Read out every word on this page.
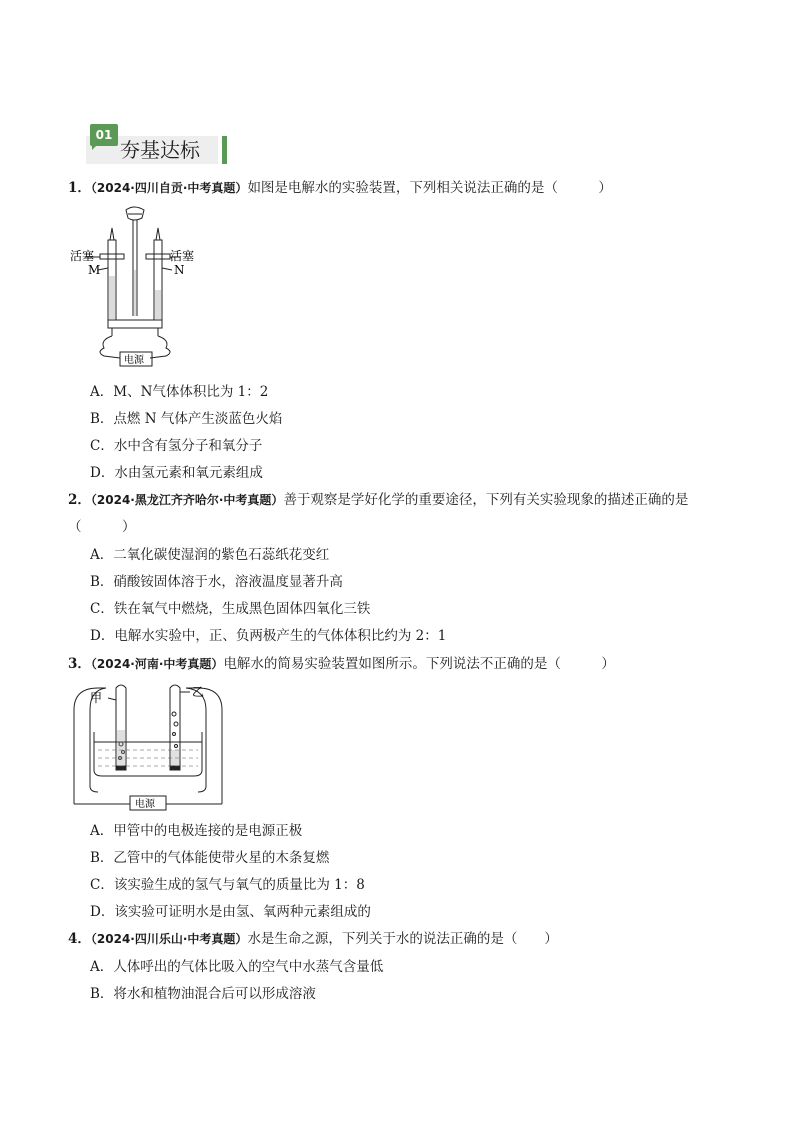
01
夯基达标
1．（2024·四川自贡·中考真题）如图是电解水的实验装置，下列相关说法正确的是（　　　）
活塞	活塞
M	N
电源
A．M、N气体体积比为 1：2
B．点燃 N 气体产生淡蓝色火焰
C．水中含有氢分子和氧分子
D．水由氢元素和氧元素组成
2．（2024·黑龙江齐齐哈尔·中考真题）善于观察是学好化学的重要途径，下列有关实验现象的描述正确的是
（　　　）
A．二氧化碳使湿润的紫色石蕊纸花变红
B．硝酸铵固体溶于水，溶液温度显著升高
C．铁在氧气中燃烧，生成黑色固体四氧化三铁
D．电解水实验中，正、负两极产生的气体体积比约为 2：1
3．（2024·河南·中考真题）电解水的简易实验装置如图所示。下列说法不正确的是（　　　）
甲	乙
电源
A．甲管中的电极连接的是电源正极
B．乙管中的气体能使带火星的木条复燃
C．该实验生成的氢气与氧气的质量比为 1：8
D．该实验可证明水是由氢、氧两种元素组成的
4．（2024·四川乐山·中考真题）水是生命之源，下列关于水的说法正确的是（　　）
A．人体呼出的气体比吸入的空气中水蒸气含量低
B．将水和植物油混合后可以形成溶液
